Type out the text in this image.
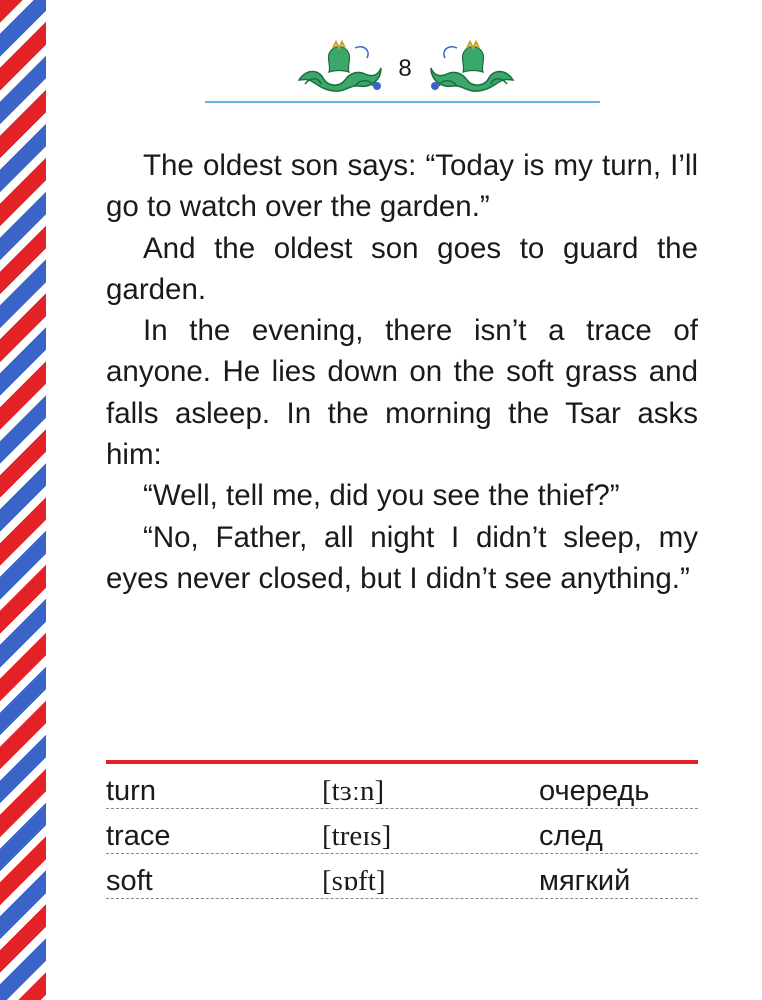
8

The oldest son says: “Today is my turn, I’ll go to watch over the garden.”

And the oldest son goes to guard the garden.

In the evening, there isn’t a trace of anyone. He lies down on the soft grass and falls asleep. In the morning the Tsar asks him:

“Well, tell me, did you see the thief?”

“No, Father, all night I didn’t sleep, my eyes never closed, but I didn’t see anything.”

turn	[tɜːn]	очередь
trace	[treɪs]	след
soft	[sɒft]	мягкий
